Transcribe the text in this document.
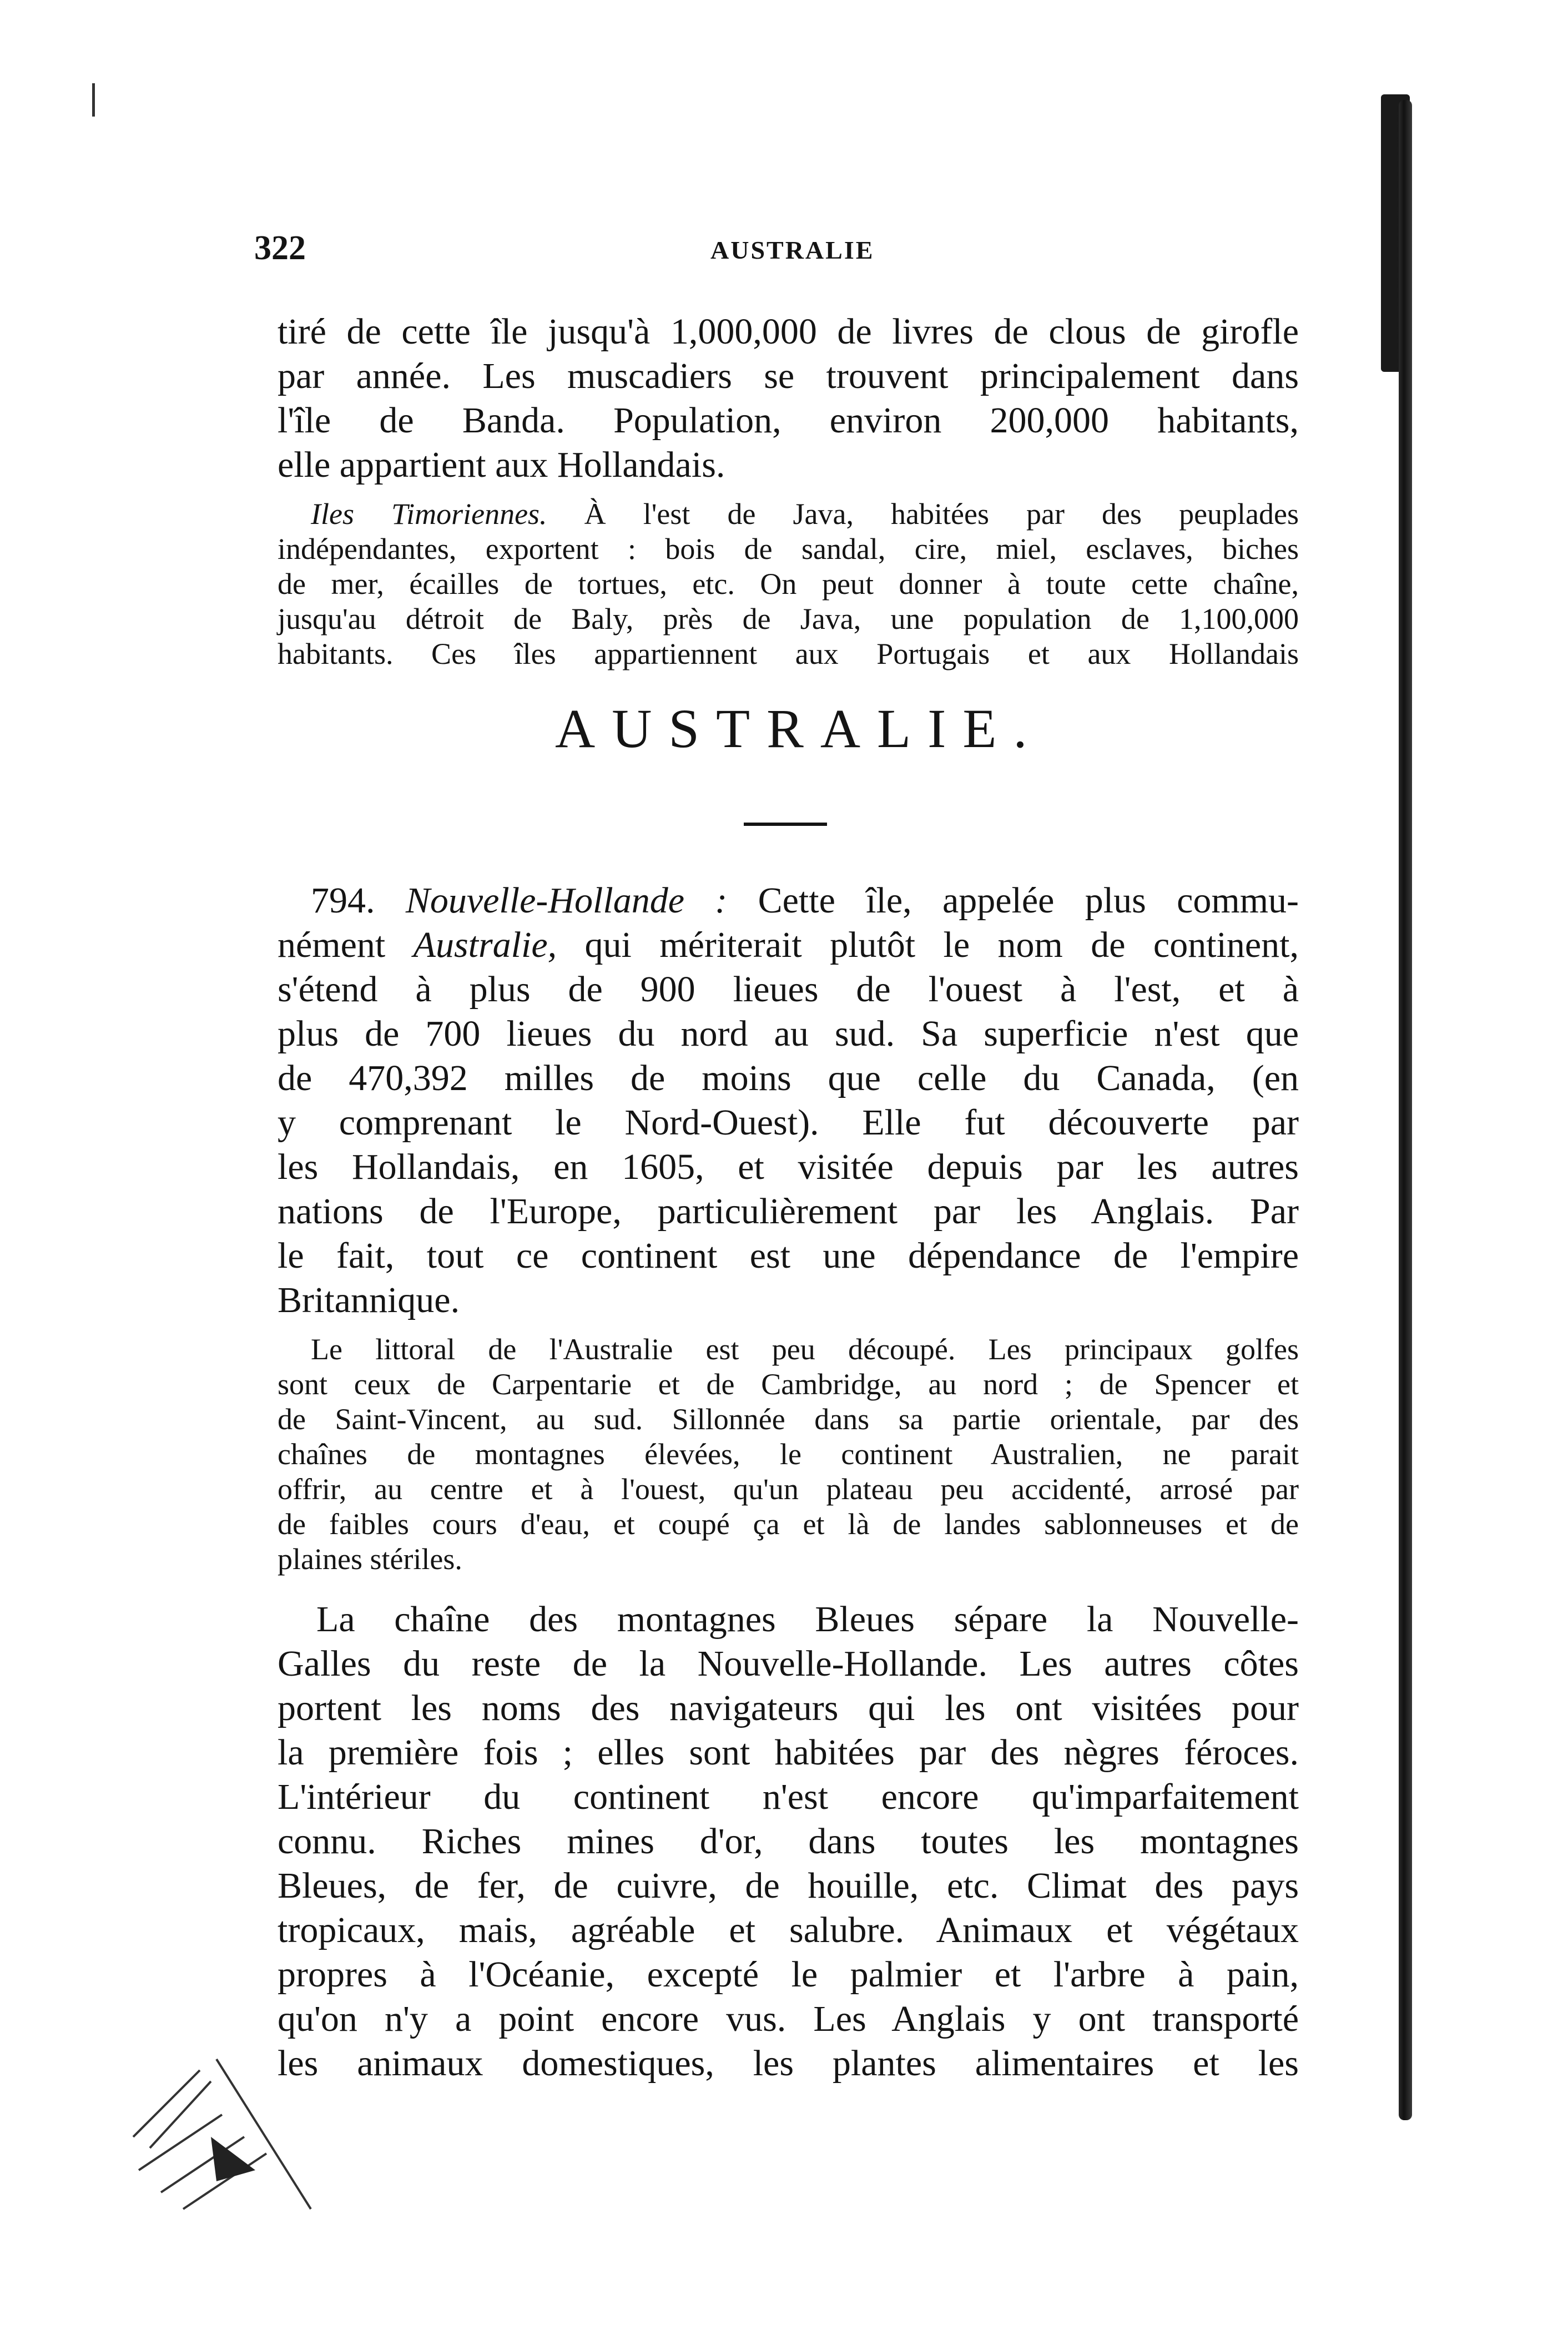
322	AUSTRALIE
tiré de cette île jusqu'à 1,000,000 de livres de clous de girofle
par année. Les muscadiers se trouvent principalement dans
l'île de Banda. Population, environ 200,000 habitants,
elle appartient aux Hollandais.
Iles Timoriennes. À l'est de Java, habitées par des peuplades
indépendantes, exportent : bois de sandal, cire, miel, esclaves, biches
de mer, écailles de tortues, etc. On peut donner à toute cette chaîne,
jusqu'au détroit de Baly, près de Java, une population de 1,100,000
habitants. Ces îles appartiennent aux Portugais et aux Hollandais
AUSTRALIE.
794. Nouvelle-Hollande : Cette île, appelée plus commu-
nément Australie, qui mériterait plutôt le nom de continent,
s'étend à plus de 900 lieues de l'ouest à l'est, et à
plus de 700 lieues du nord au sud. Sa superficie n'est que
de 470,392 milles de moins que celle du Canada, (en
y comprenant le Nord-Ouest). Elle fut découverte par
les Hollandais, en 1605, et visitée depuis par les autres
nations de l'Europe, particulièrement par les Anglais. Par
le fait, tout ce continent est une dépendance de l'empire
Britannique.
Le littoral de l'Australie est peu découpé. Les principaux golfes
sont ceux de Carpentarie et de Cambridge, au nord ; de Spencer et
de Saint-Vincent, au sud. Sillonnée dans sa partie orientale, par des
chaînes de montagnes élevées, le continent Australien, ne parait
offrir, au centre et à l'ouest, qu'un plateau peu accidenté, arrosé par
de faibles cours d'eau, et coupé ça et là de landes sablonneuses et de
plaines stériles.
La chaîne des montagnes Bleues sépare la Nouvelle-
Galles du reste de la Nouvelle-Hollande. Les autres côtes
portent les noms des navigateurs qui les ont visitées pour
la première fois ; elles sont habitées par des nègres féroces.
L'intérieur du continent n'est encore qu'imparfaitement
connu. Riches mines d'or, dans toutes les montagnes
Bleues, de fer, de cuivre, de houille, etc. Climat des pays
tropicaux, mais, agréable et salubre. Animaux et végétaux
propres à l'Océanie, excepté le palmier et l'arbre à pain,
qu'on n'y a point encore vus. Les Anglais y ont transporté
les animaux domestiques, les plantes alimentaires et les
